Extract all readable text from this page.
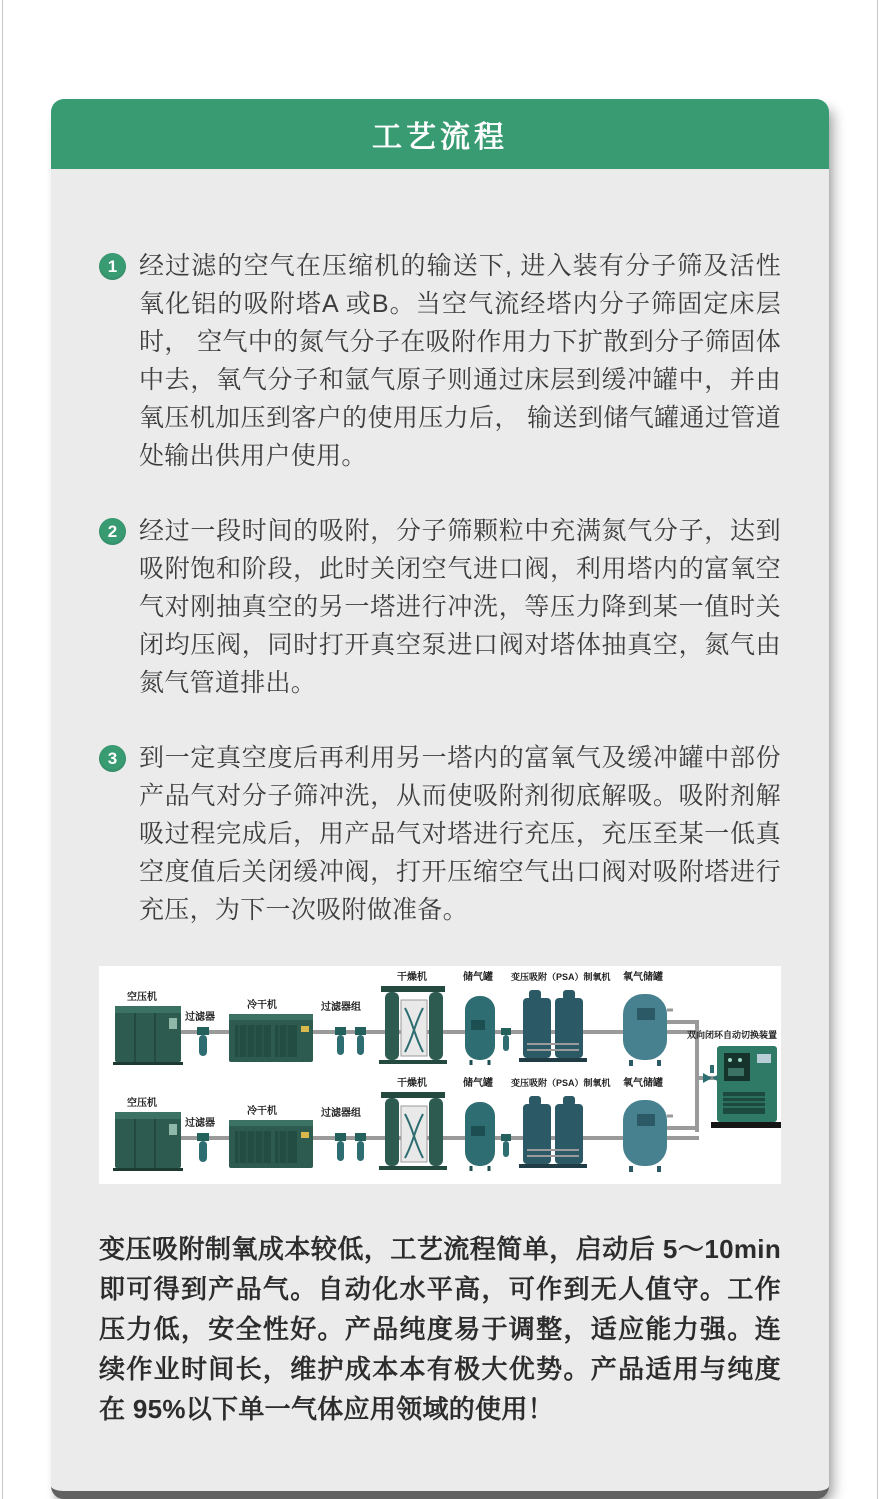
工艺流程
1 经过滤的空气在压缩机的输送下, 进入装有分子筛及活性氧化铝的吸附塔A 或B。当空气流经塔内分子筛固定床层时， 空气中的氮气分子在吸附作用力下扩散到分子筛固体中去，氧气分子和氩气原子则通过床层到缓冲罐中，并由氧压机加压到客户的使用压力后， 输送到储气罐通过管道处输出供用户使用。
2 经过一段时间的吸附，分子筛颗粒中充满氮气分子，达到吸附饱和阶段，此时关闭空气进口阀，利用塔内的富氧空气对刚抽真空的另一塔进行冲洗，等压力降到某一值时关闭均压阀，同时打开真空泵进口阀对塔体抽真空，氮气由氮气管道排出。
3 到一定真空度后再利用另一塔内的富氧气及缓冲罐中部份产品气对分子筛冲洗，从而使吸附剂彻底解吸。吸附剂解吸过程完成后，用产品气对塔进行充压，充压至某一低真空度值后关闭缓冲阀，打开压缩空气出口阀对吸附塔进行充压，为下一次吸附做准备。
空压机
过滤器
冷干机	过滤器组
干燥机	储气罐 变压吸附（PSA）制氧机 氧气储罐
空压机
过滤器
冷干机	过滤器组
干燥机	储气罐 变压吸附（PSA）制氧机 氧气储罐
双向闭环自动切换装置

变压吸附制氧成本较低，工艺流程简单，启动后 5～10min 即可得到产品气。自动化水平高，可作到无人值守。工作压力低，安全性好。产品纯度易于调整，适应能力强。连续作业时间长，维护成本本有极大优势。产品适用与纯度在 95%以下单一气体应用领域的使用！
